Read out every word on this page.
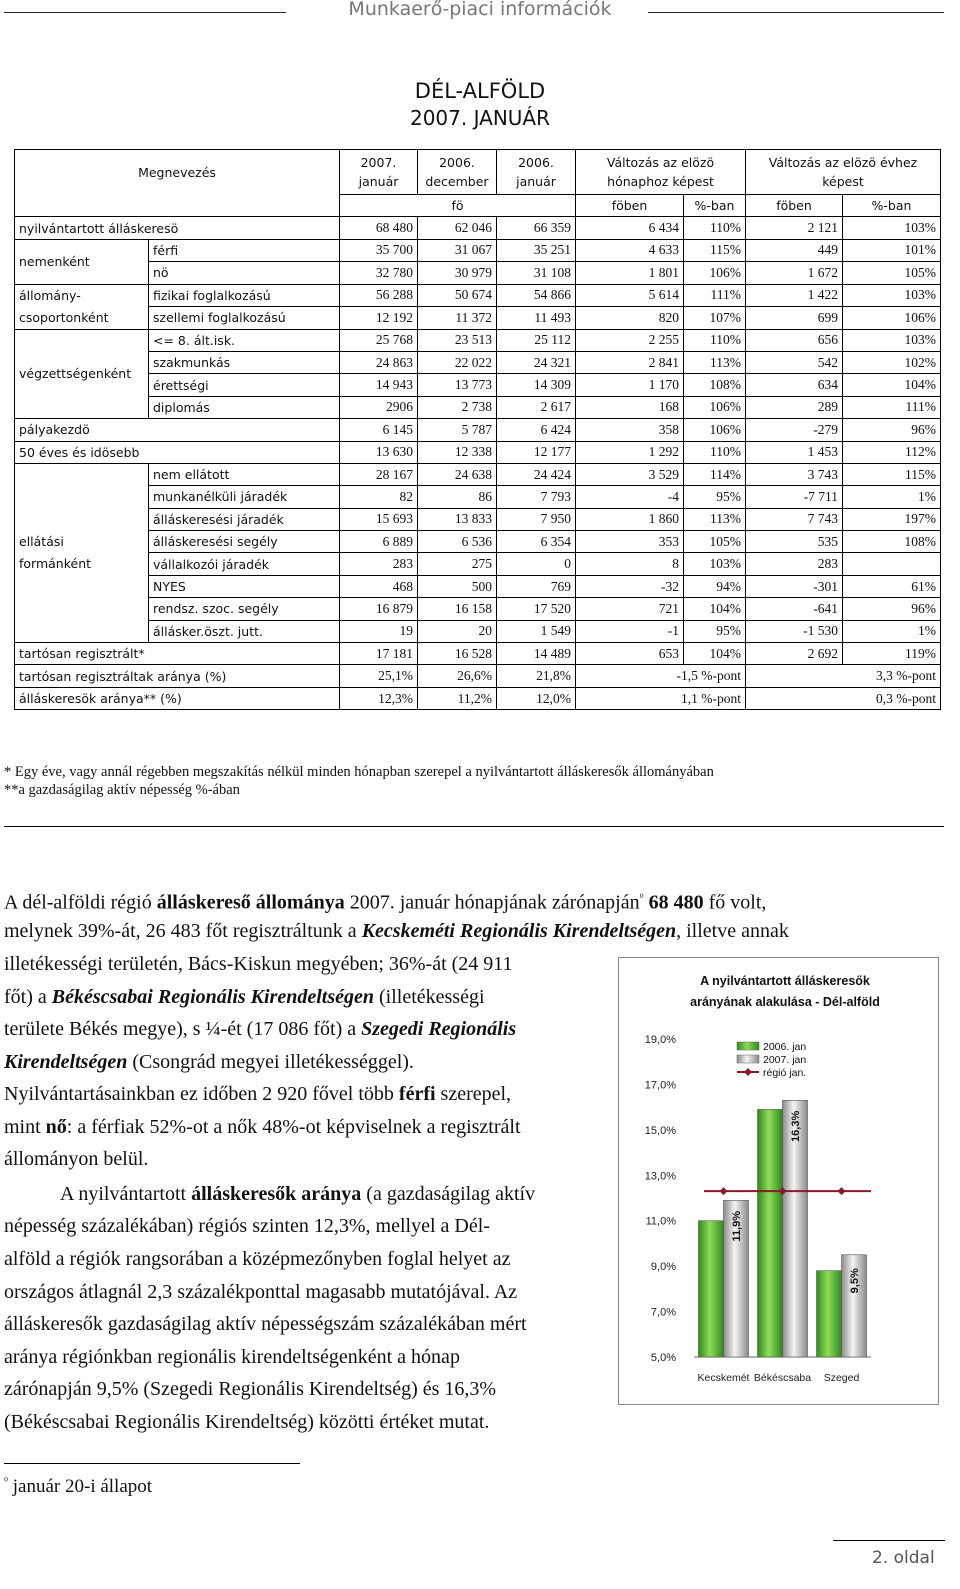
Munkaerő-piaci információk
DÉL-ALFÖLD
2007. JANUÁR
Megnevezés		2007. január	2006. december	2006. január	Változás az elözö hónaphoz képest		Változás az elözö évhez képest	
		fö			föben	%-ban	föben	%-ban
nyilvántartott álláskeresö		68 480	62 046	66 359	6 434	110%	2 121	103%

nemenként	férfi	35 700	31 067	35 251	4 633	115%	449	101%
	nö	32 780	30 979	31 108	1 801	106%	1 672	105%

állomány-
csoportonként	fizikai foglalkozású	56 288	50 674	54 866	5 614	111%	1 422	103%
	szellemi foglalkozású	12 192	11 372	11 493	820	107%	699	106%

végzettségenként	<= 8. ált.isk.	25 768	23 513	25 112	2 255	110%	656	103%
	szakmunkás	24 863	22 022	24 321	2 841	113%	542	102%
	érettségi	14 943	13 773	14 309	1 170	108%	634	104%
	diplomás	2906	2 738	2 617	168	106%	289	111%
pályakezdö		6 145	5 787	6 424	358	106%	-279	96%
50 éves és idösebb		13 630	12 338	12 177	1 292	110%	1 453	112%

ellátási
formánként	nem ellátott	28 167	24 638	24 424	3 529	114%	3 743	115%
	munkanélküli járadék	82	86	7 793	-4	95%	-7 711	1%
	álláskeresési járadék	15 693	13 833	7 950	1 860	113%	7 743	197%
	álláskeresési segély	6 889	6 536	6 354	353	105%	535	108%
	vállalkozói járadék	283	275	0	8	103%	283	
	NYES	468	500	769	-32	94%	-301	61%
	rendsz. szoc. segély	16 879	16 158	17 520	721	104%	-641	96%
	állásker.öszt. jutt.	19	20	1 549	-1	95%	-1 530	1%
tartósan regisztrált*		17 181	16 528	14 489	653	104%	2 692	119%
tartósan regisztráltak aránya (%)		25,1%	26,6%	21,8%	-1,5 %-pont		3,3 %-pont	
álláskeresök aránya** (%)		12,3%	11,2%	12,0%	1,1 %-pont		0,3 %-pont	
* Egy éve, vagy annál régebben megszakítás nélkül minden hónapban szerepel a nyilvántartott álláskeresők állományában
**a gazdaságilag aktív népesség %-ában
A dél-alföldi régió álláskereső állománya 2007. január hónapjának zárónapján$^{^0}$ 68 480 fő volt,
melynek 39%-át, 26 483 főt regisztráltunk a Kecskeméti Regionális Kirendeltségen, illetve annak
illetékességi területén, Bács-Kiskun megyében; 36%-át (24 911
főt) a Békéscsabai Regionális Kirendeltségen (illetékességi
területe Békés megye), s ¼-ét (17 086 főt) a Szegedi Regionális
Kirendeltségen (Csongrád megyei illetékességgel).
Nyilvántartásainkban ez időben 2 920 fővel több férfi szerepel,
mint nő: a férfiak 52%-ot a nők 48%-ot képviselnek a regisztrált
állományon belül.
A nyilvántartott álláskeresők aránya (a gazdaságilag aktív
népesség százalékában) régiós szinten 12,3%, mellyel a Dél-
alföld a régiók rangsorában a középmezőnyben foglal helyet az
országos átlagnál 2,3 százalékponttal magasabb mutatójával. Az
álláskeresők gazdaságilag aktív népességszám százalékában mért
aránya régiónkban regionális kirendeltségenként a hónap
zárónapján 9,5% (Szegedi Regionális Kirendeltség) és 16,3%
(Békéscsabai Regionális Kirendeltség) közötti értéket mutat.
A nyilvántartott álláskeresők
arányának alakulása - Dél-alföld
5,0%
7,0%
9,0%
11,0%
13,0%
15,0%
17,0%
19,0%
11,9%
Kecskemét
16,3%
Békéscsaba
9,5%
Szeged
2006. jan
2007. jan
régió jan.
$^{^0}$ január 20-i állapot
2. oldal
